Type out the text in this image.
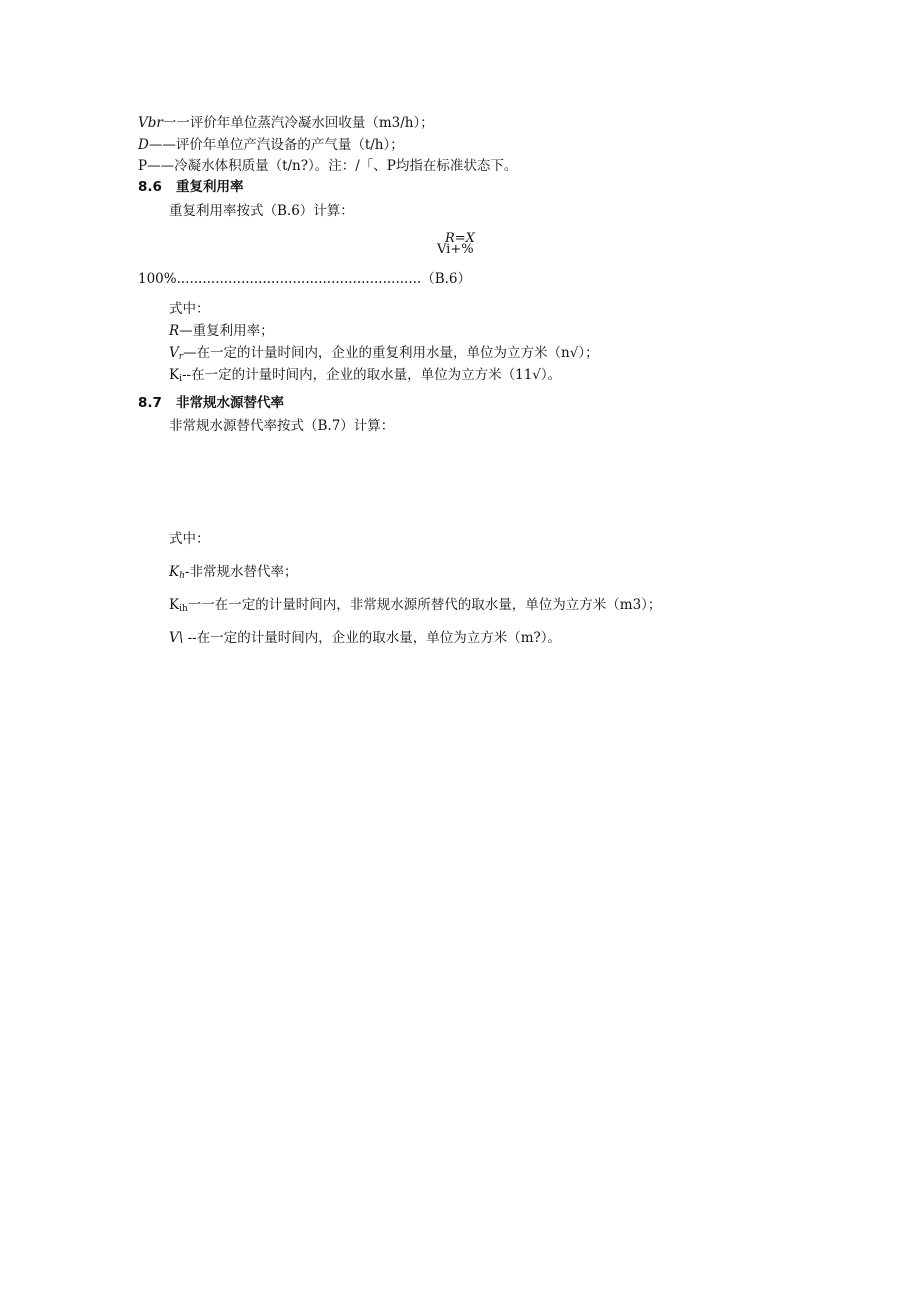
Vbr一一评价年单位蒸汽冷凝水回收量（m3/h）；
D——评价年单位产汽设备的产气量（t/h）；
P——冷凝水体积质量（t/n?）。注：/「、P均指在标准状态下。
8.6 重复利用率
重复利用率按式（B.6）计算：
R=X
Vi+%
100%.........................................................（B.6）
式中：
R—重复利用率；
$V_r—$在一定的计量时间内，企业的重复利用水量，单位为立方米（n√）；
$K_i--$在一定的计量时间内，企业的取水量，单位为立方米（11√）。
8.7 非常规水源替代率
非常规水源替代率按式（B.7）计算：
式中：
$K_h-$非常规水替代率；
$K_{ih}$一一在一定的计量时间内，非常规水源所替代的取水量，单位为立方米（m3）；
V\ --在一定的计量时间内，企业的取水量，单位为立方米（m?）。
